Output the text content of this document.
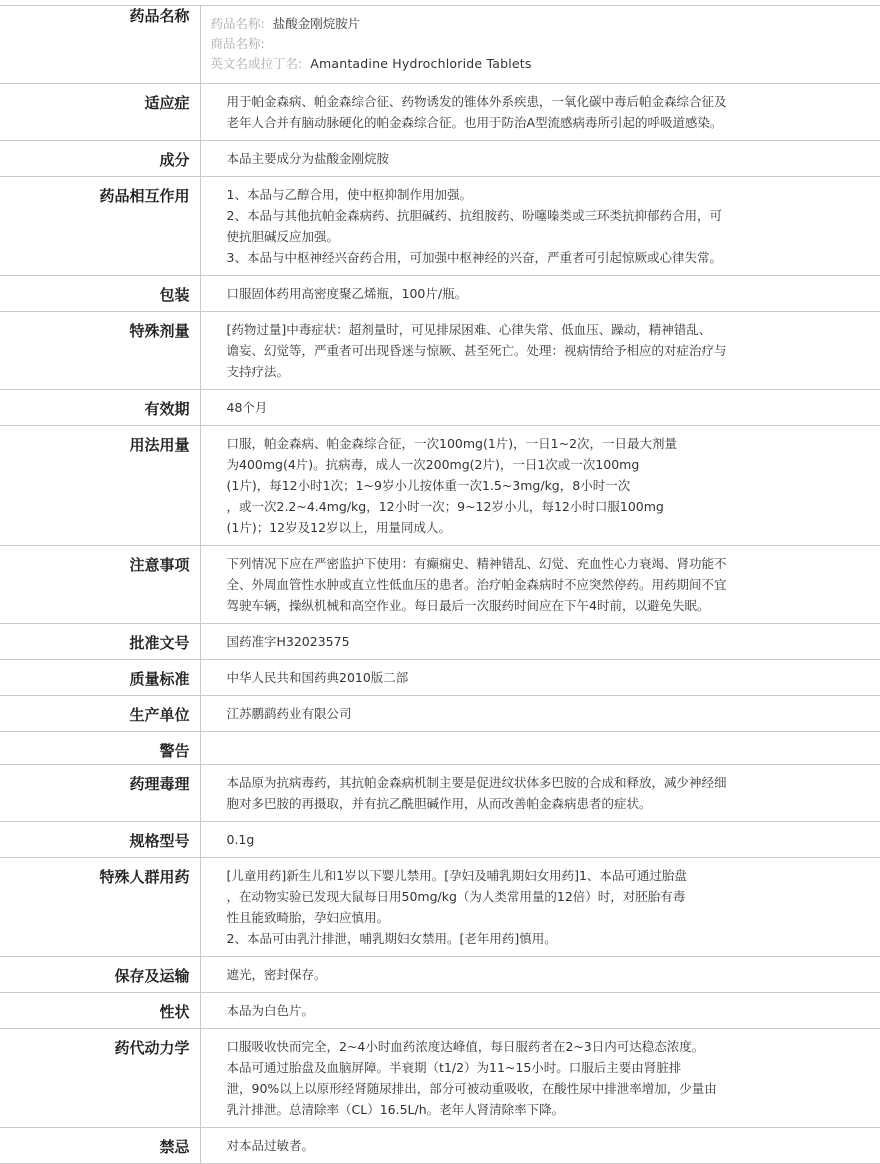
药品名称	药品名称: 盐酸金刚烷胺片
商品名称:
英文名或拉丁名: Amantadine Hydrochloride Tablets

适应症	用于帕金森病、帕金森综合征、药物诱发的锥体外系疾患，一氧化碳中毒后帕金森综合征及
老年人合并有脑动脉硬化的帕金森综合征。也用于防治A型流感病毒所引起的呼吸道感染。

成分	本品主要成分为盐酸金刚烷胺

药品相互作用	1、本品与乙醇合用，使中枢抑制作用加强。
2、本品与其他抗帕金森病药、抗胆碱药、抗组胺药、吩噻嗪类或三环类抗抑郁药合用，可
使抗胆碱反应加强。
3、本品与中枢神经兴奋药合用，可加强中枢神经的兴奋，严重者可引起惊厥或心律失常。

包装	口服固体药用高密度聚乙烯瓶，100片/瓶。

特殊剂量	[药物过量]中毒症状：超剂量时，可见排尿困难、心律失常、低血压、躁动，精神错乱、
谵妄、幻觉等，严重者可出现昏迷与惊厥、甚至死亡。处理：视病情给予相应的对症治疗与
支持疗法。

有效期	48个月

用法用量	口服，帕金森病、帕金森综合征，一次100mg(1片)，一日1~2次，一日最大剂量
为400mg(4片)。抗病毒，成人一次200mg(2片)，一日1次或一次100mg
(1片)，每12小时1次；1~9岁小儿按体重一次1.5~3mg/kg，8小时一次
，或一次2.2~4.4mg/kg，12小时一次；9~12岁小儿，每12小时口服100mg
(1片)；12岁及12岁以上，用量同成人。

注意事项	下列情况下应在严密监护下使用：有癫痫史、精神错乱、幻觉、充血性心力衰竭、肾功能不
全、外周血管性水肿或直立性低血压的患者。治疗帕金森病时不应突然停药。用药期间不宜
驾驶车辆，操纵机械和高空作业。每日最后一次服药时间应在下午4时前，以避免失眠。

批准文号	国药准字H32023575

质量标准	中华人民共和国药典2010版二部

生产单位	江苏鹏鹞药业有限公司

警告	
药理毒理	本品原为抗病毒药，其抗帕金森病机制主要是促进纹状体多巴胺的合成和释放，减少神经细
胞对多巴胺的再摄取，并有抗乙酰胆碱作用，从而改善帕金森病患者的症状。

规格型号	0.1g

特殊人群用药	[儿童用药]新生儿和1岁以下婴儿禁用。[孕妇及哺乳期妇女用药]1、本品可通过胎盘
，在动物实验已发现大鼠每日用50mg/kg（为人类常用量的12倍）时，对胚胎有毒
性且能致畸胎，孕妇应慎用。
2、本品可由乳汁排泄，哺乳期妇女禁用。[老年用药]慎用。

保存及运输	遮光，密封保存。

性状	本品为白色片。

药代动力学	口服吸收快而完全，2~4小时血药浓度达峰值，每日服药者在2~3日内可达稳态浓度。
本品可通过胎盘及血脑屏障。半衰期（t1/2）为11~15小时。口服后主要由肾脏排
泄，90%以上以原形经肾随尿排出，部分可被动重吸收，在酸性尿中排泄率增加，少量由
乳汁排泄。总清除率（CL）16.5L/h。老年人肾清除率下降。

禁忌	对本品过敏者。
